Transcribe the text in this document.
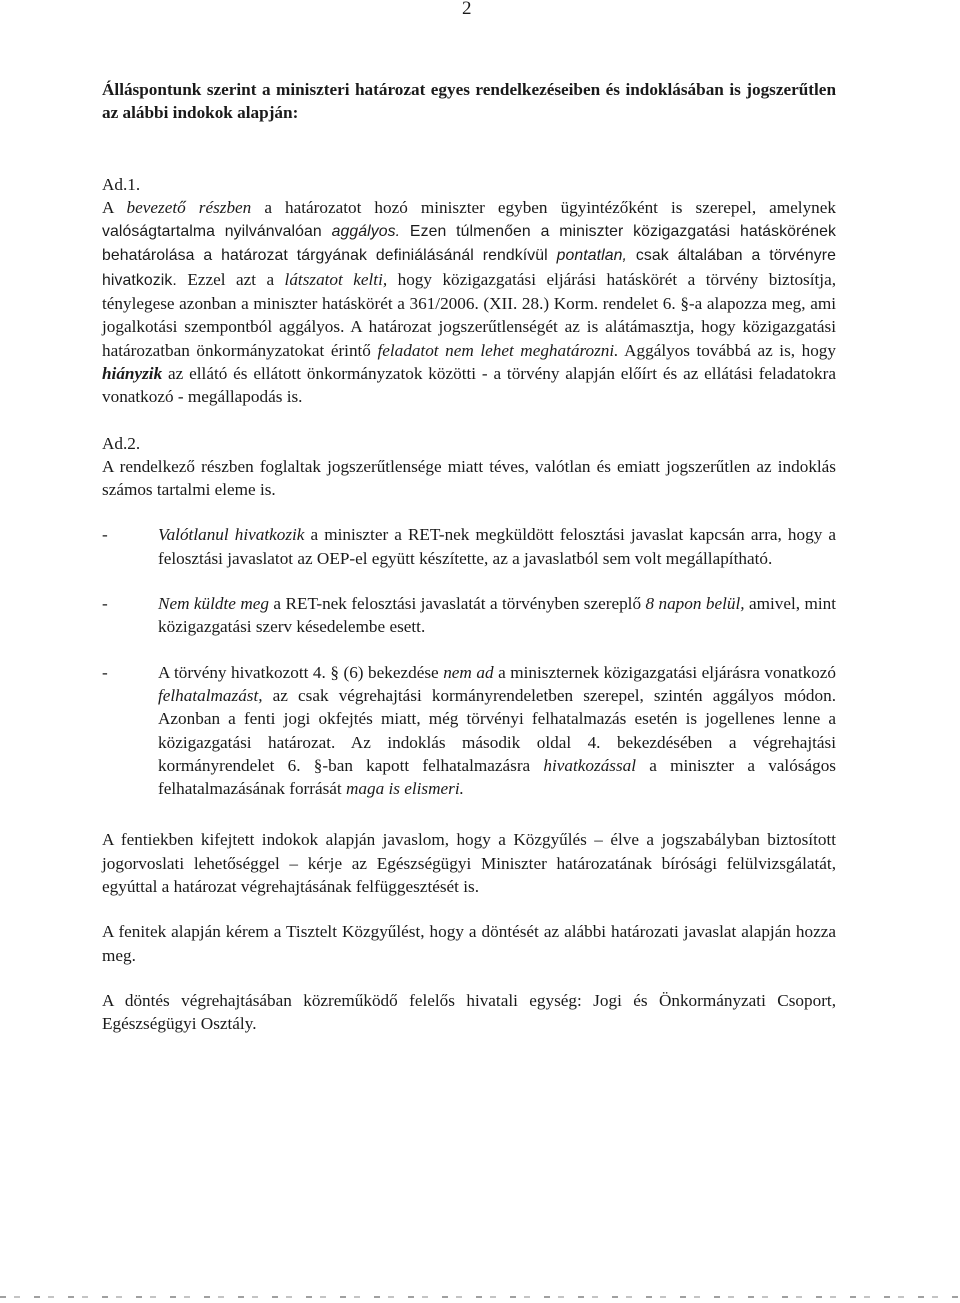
2

Álláspontunk szerint a miniszteri határozat egyes rendelkezéseiben és indoklásában is jogszerűtlen az alábbi indokok alapján:

Ad.1.

A bevezető részben a határozatot hozó miniszter egyben ügyintézőként is szerepel, amelynek valóságtartalma nyilvánvalóan aggályos. Ezen túlmenően a miniszter közigazgatási hatáskörének behatárolása a határozat tárgyának definiálásánál rendkívül pontatlan, csak általában a törvényre hivatkozik. Ezzel azt a látszatot kelti, hogy közigazgatási eljárási hatáskörét a törvény biztosítja, ténylegese azonban a miniszter hatáskörét a 361/2006. (XII. 28.) Korm. rendelet 6. §-a alapozza meg, ami jogalkotási szempontból aggályos. A határozat jogszerűtlenségét az is alátámasztja, hogy közigazgatási határozatban önkormányzatokat érintő feladatot nem lehet meghatározni. Aggályos továbbá az is, hogy hiányzik az ellátó és ellátott önkormányzatok közötti - a törvény alapján előírt és az ellátási feladatokra vonatkozó - megállapodás is.

Ad.2.

A rendelkező részben foglaltak jogszerűtlensége miatt téves, valótlan és emiatt jogszerűtlen az indoklás számos tartalmi eleme is.

-	Valótlanul hivatkozik a miniszter a RET-nek megküldött felosztási javaslat kapcsán arra, hogy a felosztási javaslatot az OEP-el együtt készítette, az a javaslatból sem volt megállapítható.
-	Nem küldte meg a RET-nek felosztási javaslatát a törvényben szereplő 8 napon belül, amivel, mint közigazgatási szerv késedelembe esett.
-	A törvény hivatkozott 4. § (6) bekezdése nem ad a miniszternek közigazgatási eljárásra vonatkozó felhatalmazást, az csak végrehajtási kormányrendeletben szerepel, szintén aggályos módon. Azonban a fenti jogi okfejtés miatt, még törvényi felhatalmazás esetén is jogellenes lenne a közigazgatási határozat. Az indoklás második oldal 4. bekezdésében a végrehajtási kormányrendelet 6. §-ban kapott felhatalmazásra hivatkozással a miniszter a valóságos felhatalmazásának forrását maga is elismeri.

A fentiekben kifejtett indokok alapján javaslom, hogy a Közgyűlés – élve a jogszabályban biztosított jogorvoslati lehetőséggel – kérje az Egészségügyi Miniszter határozatának bírósági felülvizsgálatát, egyúttal a határozat végrehajtásának felfüggesztését is.

A fenitek alapján kérem a Tisztelt Közgyűlést, hogy a döntését az alábbi határozati javaslat alapján hozza meg.

A döntés végrehajtásában közreműködő felelős hivatali egység: Jogi és Önkormányzati Csoport, Egészségügyi Osztály.
